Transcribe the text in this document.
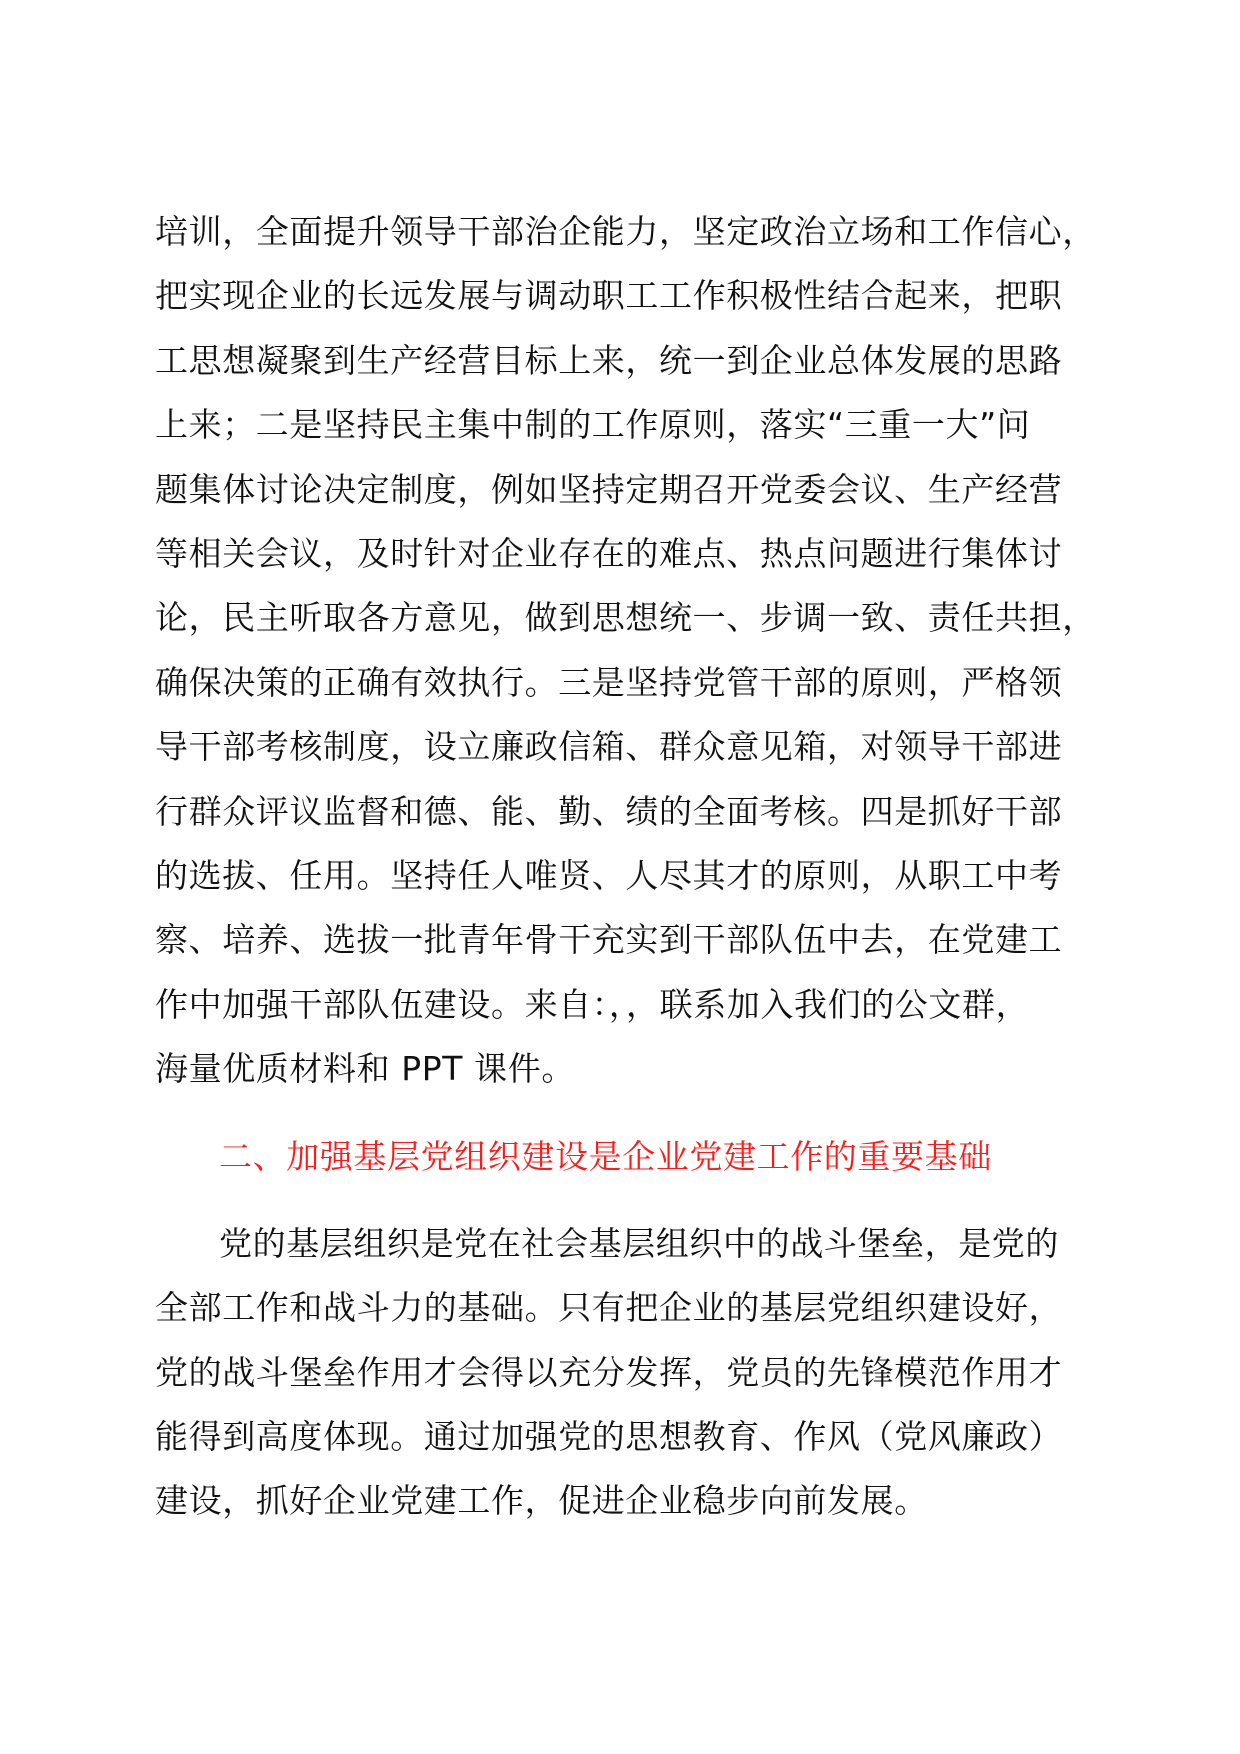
培训，全面提升领导干部治企能力，坚定政治立场和工作信心，
把实现企业的长远发展与调动职工工作积极性结合起来，把职
工思想凝聚到生产经营目标上来，统一到企业总体发展的思路
上来；二是坚持民主集中制的工作原则，落实“三重一大”问
题集体讨论决定制度，例如坚持定期召开党委会议、生产经营
等相关会议，及时针对企业存在的难点、热点问题进行集体讨
论，民主听取各方意见，做到思想统一、步调一致、责任共担，
确保决策的正确有效执行。三是坚持党管干部的原则，严格领
导干部考核制度，设立廉政信箱、群众意见箱，对领导干部进
行群众评议监督和德、能、勤、绩的全面考核。四是抓好干部
的选拔、任用。坚持任人唯贤、人尽其才的原则，从职工中考
察、培养、选拔一批青年骨干充实到干部队伍中去，在党建工
作中加强干部队伍建设。来自：，，联系加入我们的公文群，
海量优质材料和 PPT 课件。
二、加强基层党组织建设是企业党建工作的重要基础
党的基层组织是党在社会基层组织中的战斗堡垒，是党的
全部工作和战斗力的基础。只有把企业的基层党组织建设好，
党的战斗堡垒作用才会得以充分发挥，党员的先锋模范作用才
能得到高度体现。通过加强党的思想教育、作风（党风廉政）
建设，抓好企业党建工作，促进企业稳步向前发展。
